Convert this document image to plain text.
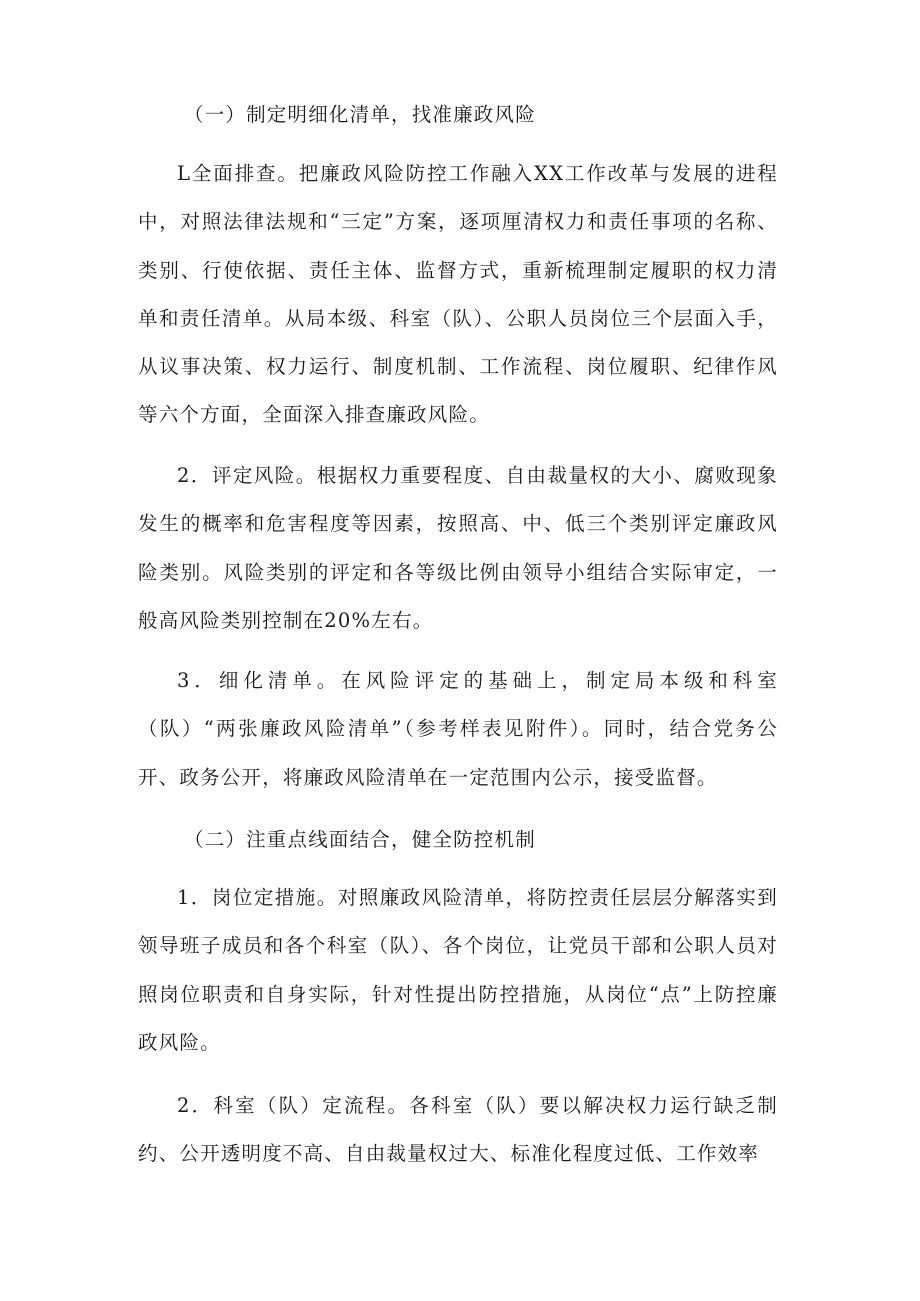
（一）制定明细化清单，找准廉政风险

L全面排查。把廉政风险防控工作融入XX工作改革与发展的进程中，对照法律法规和“三定”方案，逐项厘清权力和责任事项的名称、类别、行使依据、责任主体、监督方式，重新梳理制定履职的权力清单和责任清单。从局本级、科室（队）、公职人员岗位三个层面入手，从议事决策、权力运行、制度机制、工作流程、岗位履职、纪律作风等六个方面，全面深入排查廉政风险。

2．评定风险。根据权力重要程度、自由裁量权的大小、腐败现象发生的概率和危害程度等因素，按照高、中、低三个类别评定廉政风险类别。风险类别的评定和各等级比例由领导小组结合实际审定，一般高风险类别控制在20%左右。

3．细化清单。在风险评定的基础上，制定局本级和科室（队）“两张廉政风险清单”（参考样表见附件）。同时，结合党务公开、政务公开，将廉政风险清单在一定范围内公示，接受监督。

（二）注重点线面结合，健全防控机制

1．岗位定措施。对照廉政风险清单，将防控责任层层分解落实到领导班子成员和各个科室（队）、各个岗位，让党员干部和公职人员对照岗位职责和自身实际，针对性提出防控措施，从岗位“点”上防控廉政风险。

2．科室（队）定流程。各科室（队）要以解决权力运行缺乏制约、公开透明度不高、自由裁量权过大、标准化程度过低、工作效率
